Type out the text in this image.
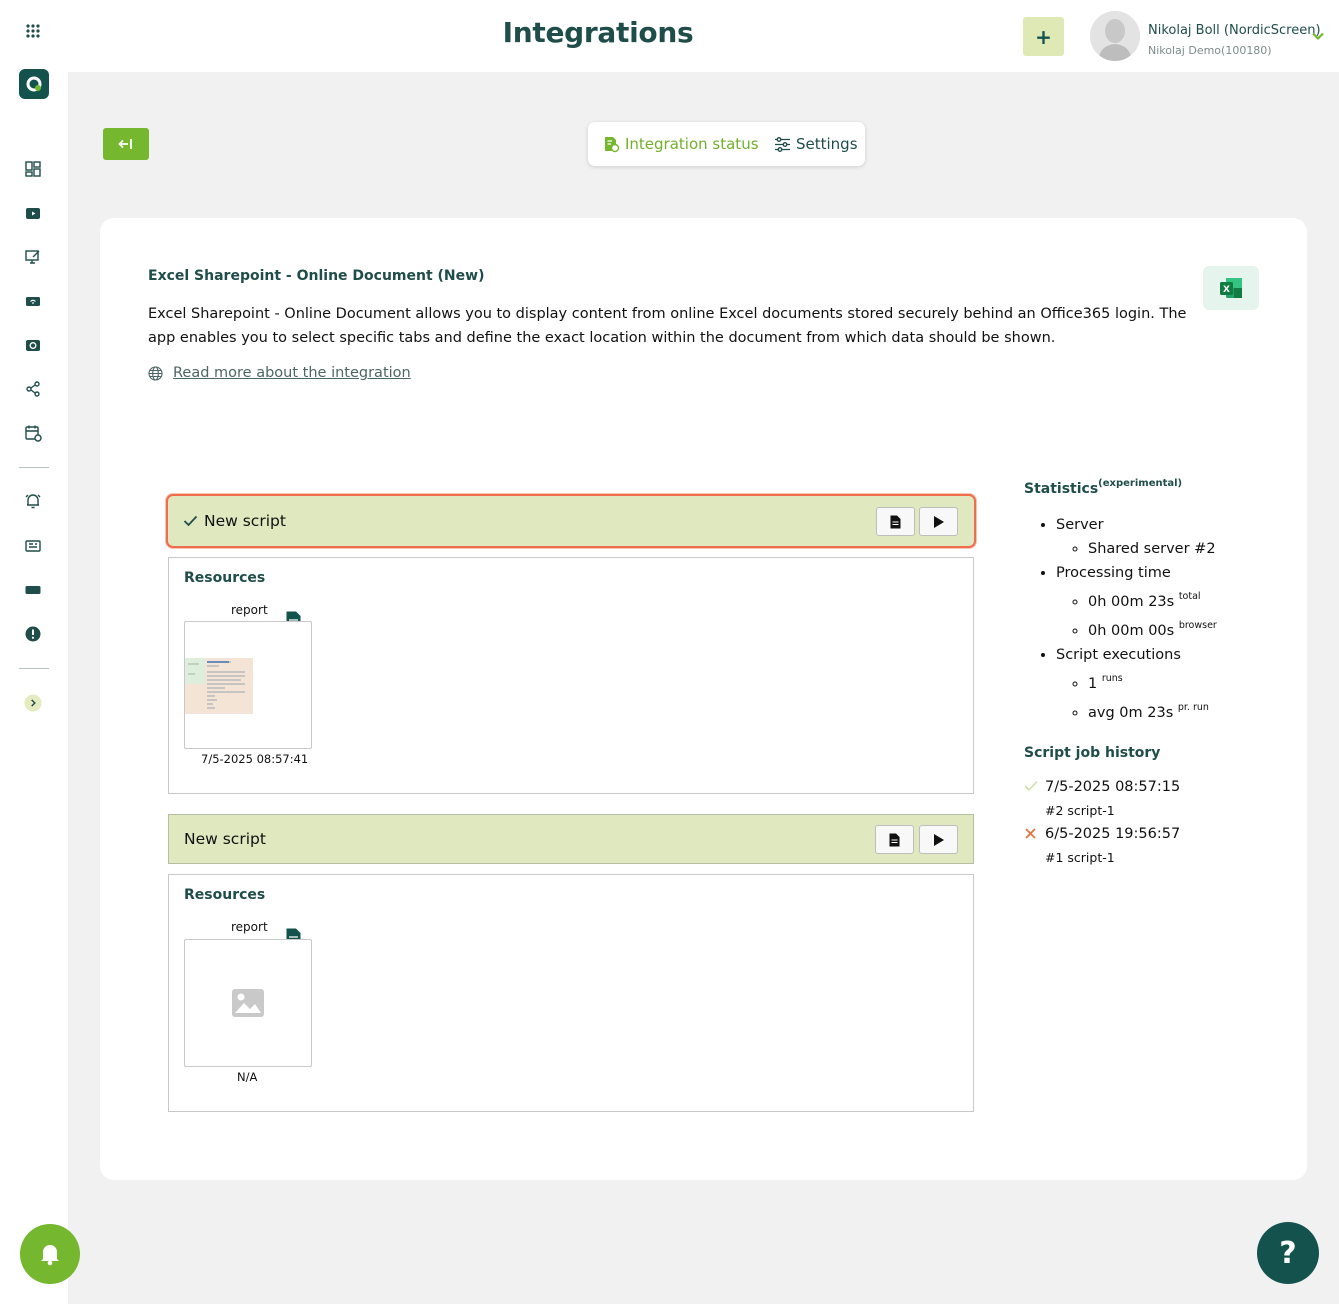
Integrations	+	Nikolaj Boll (NordicScreen)
Nikolaj Demo(100180)
Integration status Settings
Excel Sharepoint - Online Document (New)
Excel Sharepoint - Online Document allows you to display content from online Excel documents stored securely behind an Office365 login. The app enables you to select specific tabs and define the exact location within the document from which data should be shown.
Read more about the integration
X
New script
Resources
report
7/5-2025 08:57:41
New script
Resources
report
N/A
Statistics$^{(experimental)}$
• Server
◦ Shared server #2
• Processing time
◦ 0h 00m 23s $^{total}$
◦ 0h 00m 00s $^{browser}$
• Script executions
◦ 1 $^{runs}$
◦ avg 0m 23s $^{pr. run}$
Script job history
7/5-2025 08:57:15
#2 script-1
6/5-2025 19:56:57
#1 script-1
?
